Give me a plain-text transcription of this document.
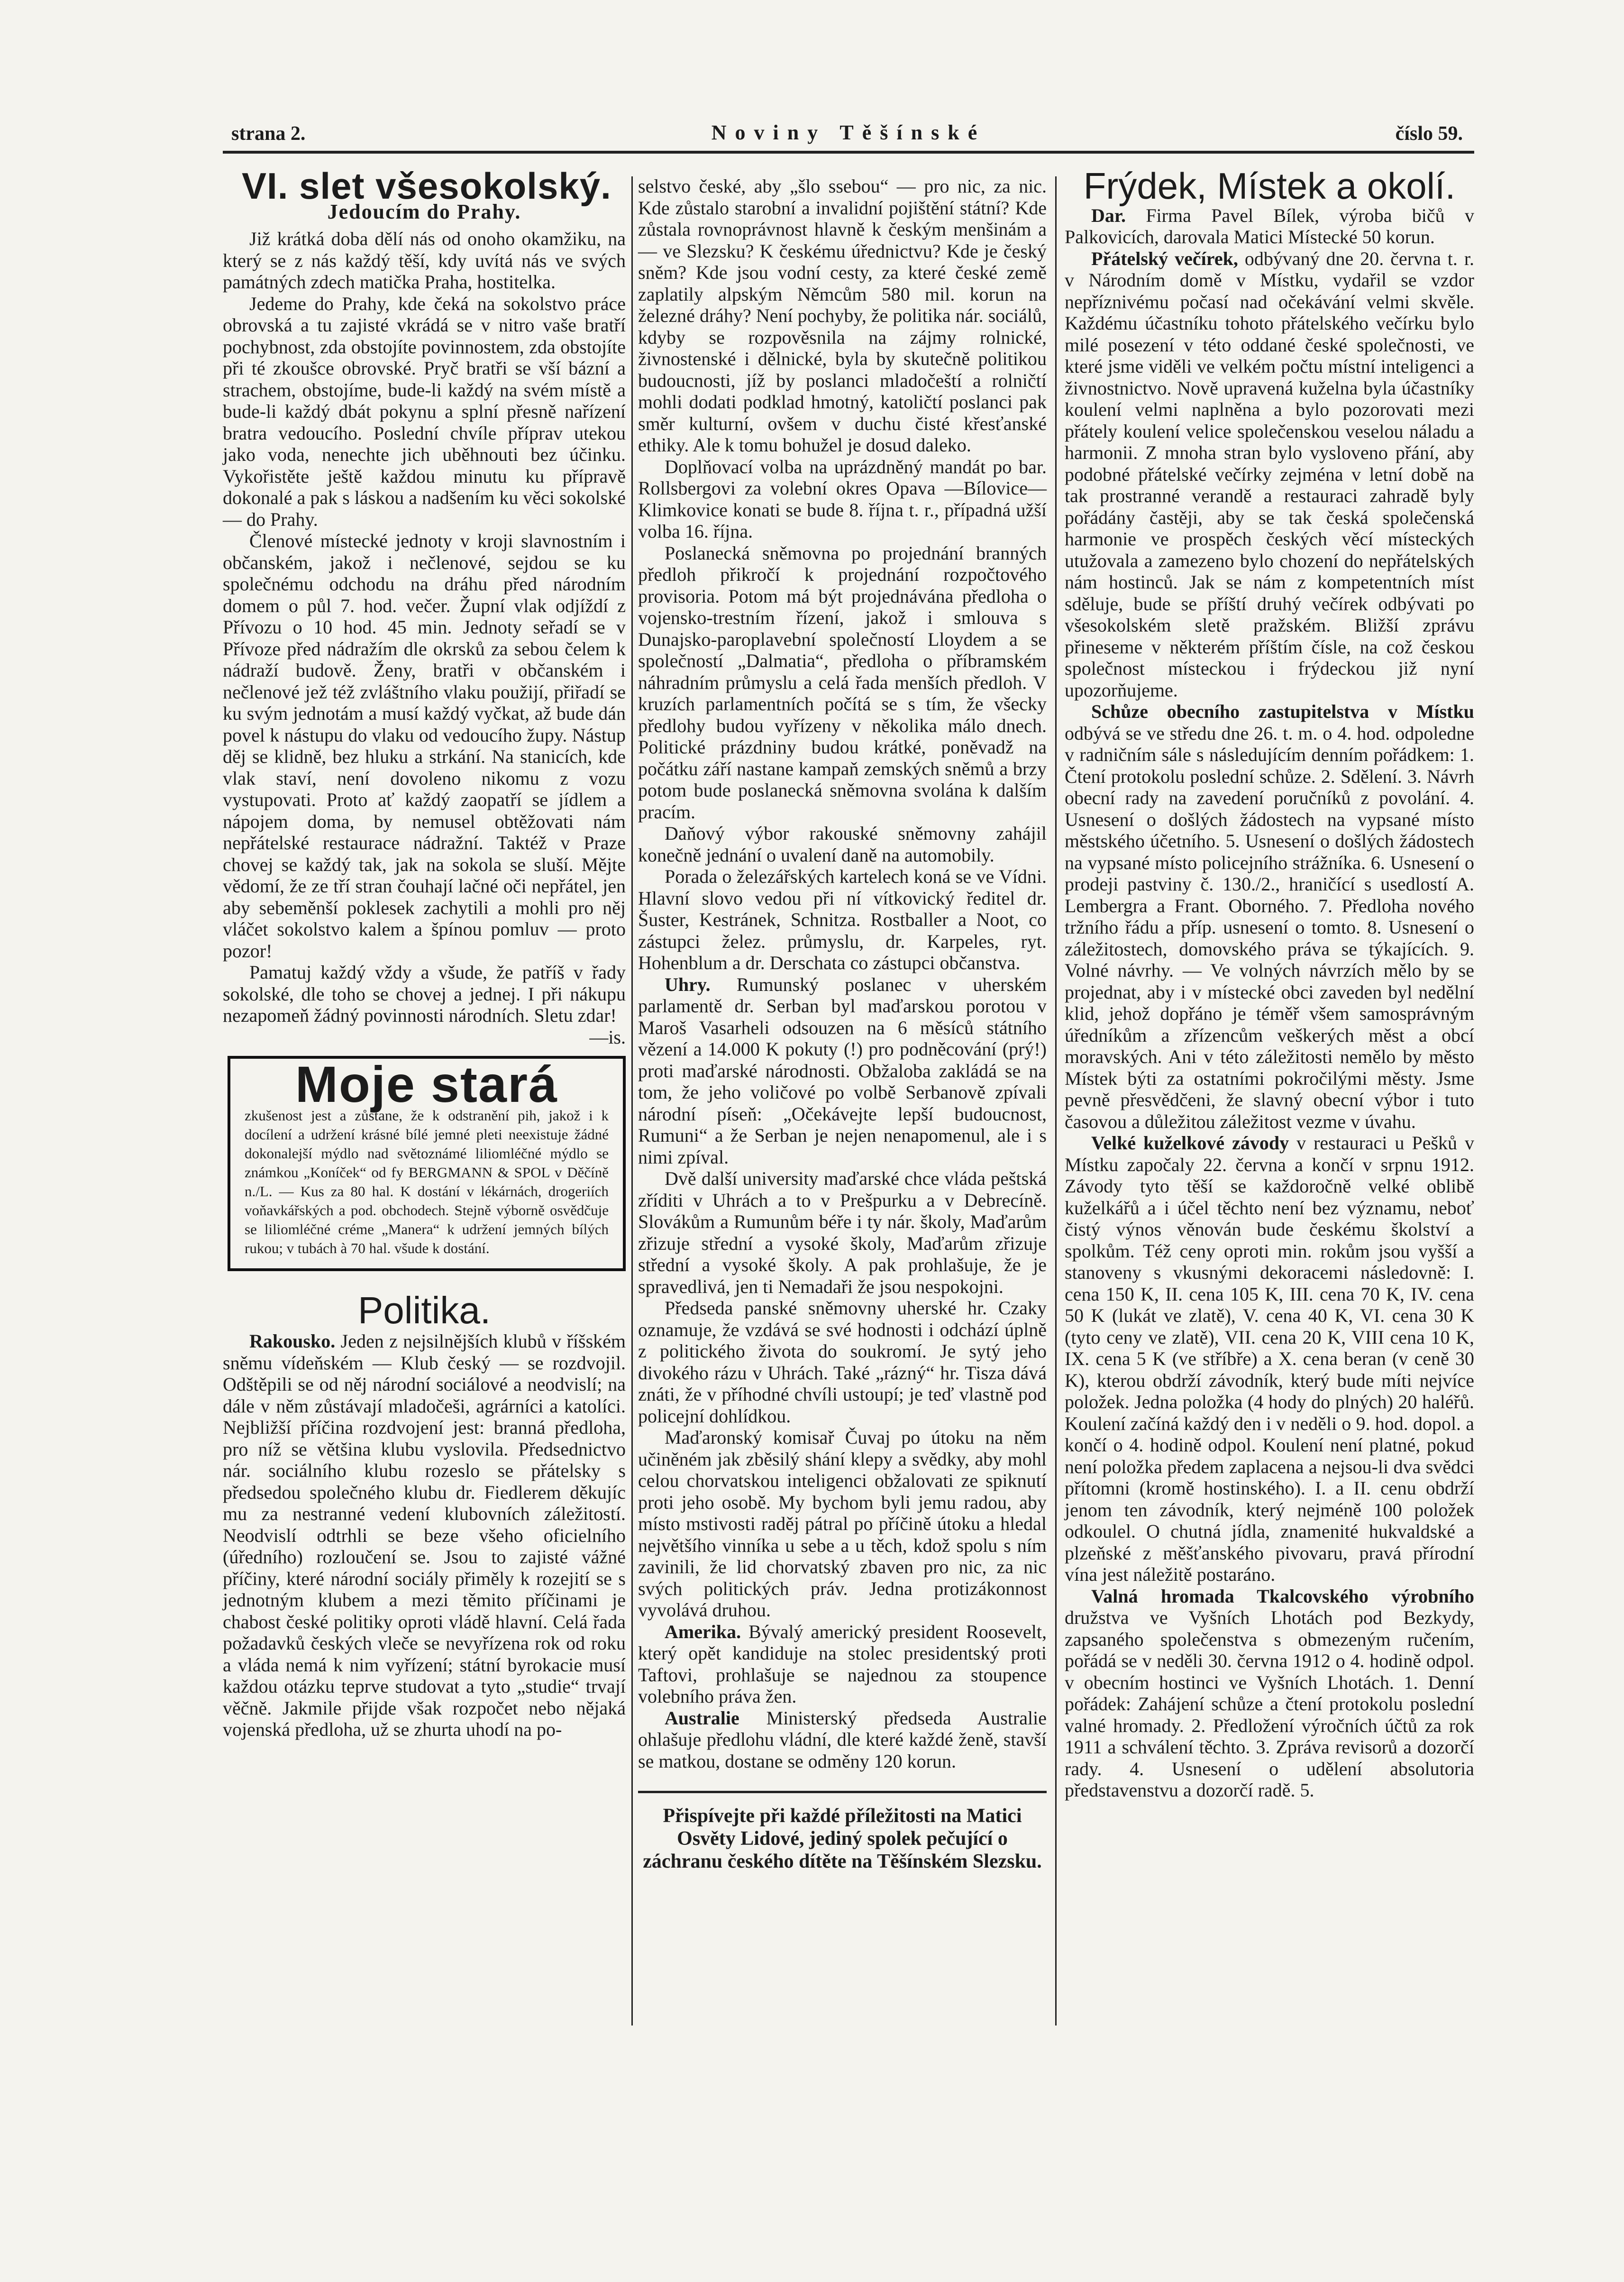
strana 2.	Noviny Těšínské	číslo 59.
VI. slet všesokolský.
Jedoucím do Prahy.

Již krátká doba dělí nás od onoho okamžiku, na který se z nás každý těší, kdy uvítá nás ve svých památných zdech matička Praha, hostitelka.

Jedeme do Prahy, kde čeká na sokolstvo práce obrovská a tu zajisté vkrádá se v nitro vaše bratří pochybnost, zda obstojíte povinnostem, zda obstojíte při té zkoušce obrovské. Pryč bratři se vší bázní a strachem, obstojíme, bude-li každý na svém místě a bude-li každý dbát pokynu a splní přesně nařízení bratra vedoucího. Poslední chvíle příprav utekou jako voda, nenechte jich uběhnouti bez účinku. Vykořistěte ještě každou minutu ku přípravě dokonalé a pak s láskou a nadšením ku věci sokolské — do Prahy.

Členové místecké jednoty v kroji slavnostním i občanském, jakož i nečlenové, sejdou se ku společnému odchodu na dráhu před národním domem o půl 7. hod. večer. Župní vlak odjíždí z Přívozu o 10 hod. 45 min. Jednoty seřadí se v Přívoze před nádražím dle okrsků za sebou čelem k nádraží budově. Ženy, bratři v občanském i nečlenové jež též zvláštního vlaku použijí, přiřadí se ku svým jednotám a musí každý vyčkat, až bude dán povel k nástupu do vlaku od vedoucího župy. Nástup děj se klidně, bez hluku a strkání. Na stanicích, kde vlak staví, není dovoleno nikomu z vozu vystupovati. Proto ať každý zaopatří se jídlem a nápojem doma, by nemusel obtěžovati nám nepřátelské restaurace nádražní. Taktéž v Praze chovej se každý tak, jak na sokola se sluší. Mějte vědomí, že ze tří stran čouhají lačné oči nepřátel, jen aby sebeměnší poklesek zachytili a mohli pro něj vláčet sokolstvo kalem a špínou pomluv — proto pozor!

Pamatuj každý vždy a všude, že patříš v řady sokolské, dle toho se chovej a jednej. I při nákupu nezapomeň žádný povinnosti národních. Sletu zdar!
—is.

Moje stará
zkušenost jest a zůstane, že k odstranění pih, jakož i k docílení a udržení krásné bílé jemné pleti neexistuje žádné dokonalejší mýdlo nad světoznámé liliomléčné mýdlo se známkou „Koníček“ od fy BERGMANN & SPOL v Děčíně n./L. — Kus za 80 hal. K dostání v lékárnách, drogeriích voňavkářských a pod. obchodech. Stejně výborně osvědčuje se liliomléčné créme „Manera“ k udržení jemných bílých rukou; v tubách à 70 hal. všude k dostání.
Politika.

Rakousko. Jeden z nejsilnějších klubů v říšském sněmu vídeňském — Klub český — se rozdvojil. Odštěpili se od něj národní sociálové a neodvislí; na dále v něm zůstávají mladočeši, agrárníci a katolíci. Nejbližší příčina rozdvojení jest: branná předloha, pro níž se většina klubu vyslovila. Předsednictvo nár. sociálního klubu rozeslo se přátelsky s předsedou společného klubu dr. Fiedlerem děkujíc mu za nestranné vedení klubovních záležitostí. Neodvislí odtrhli se beze všeho oficielního (úředního) rozloučení se. Jsou to zajisté vážné příčiny, které národní sociály přiměly k rozejití se s jednotným klubem a mezi těmito příčinami je chabost české politiky oproti vládě hlavní. Celá řada požadavků českých vleče se nevyřízena rok od roku a vláda nemá k nim vyřízení; státní byrokacie musí každou otázku teprve studovat a tyto „studie“ trvají věčně. Jakmile přijde však rozpočet nebo nějaká vojenská předloha, už se zhurta uhodí na po-

selstvo české, aby „šlo ssebou“ — pro nic, za nic. Kde zůstalo starobní a invalidní pojištění státní? Kde zůstala rovnoprávnost hlavně k českým menšinám a — ve Slezsku? K českému úřednictvu? Kde je český sněm? Kde jsou vodní cesty, za které české země zaplatily alpským Němcům 580 mil. korun na železné dráhy? Není pochyby, že politika nár. sociálů, kdyby se rozpověsnila na zájmy rolnické, živnostenské i dělnické, byla by skutečně politikou budoucnosti, jíž by poslanci mladočeští a rolničtí mohli dodati podklad hmotný, katoličtí poslanci pak směr kulturní, ovšem v duchu čisté křesťanské ethiky. Ale k tomu bohužel je dosud daleko.

Doplňovací volba na uprázdněný mandát po bar. Rollsbergovi za volební okres Opava —Bílovice—Klimkovice konati se bude 8. října t. r., případná užší volba 16. října.

Poslanecká sněmovna po projednání branných předloh přikročí k projednání rozpočtového provisoria. Potom má být projednávána předloha o vojensko-trestním řízení, jakož i smlouva s Dunajsko-paroplavební společností Lloydem a se společností „Dalmatia“, předloha o příbramském náhradním průmyslu a celá řada menších předloh. V kruzích parlamentních počítá se s tím, že všecky předlohy budou vyřízeny v několika málo dnech. Politické prázdniny budou krátké, poněvadž na počátku září nastane kampaň zemských sněmů a brzy potom bude poslanecká sněmovna svolána k dalším pracím.

Daňový výbor rakouské sněmovny zahájil konečně jednání o uvalení daně na automobily.

Porada o železářských kartelech koná se ve Vídni. Hlavní slovo vedou při ní vítkovický ředitel dr. Šuster, Kestránek, Schnitza. Rostballer a Noot, co zástupci želez. průmyslu, dr. Karpeles, ryt. Hohenblum a dr. Derschata co zástupci občanstva.

Uhry. Rumunský poslanec v uherském parlamentě dr. Serban byl maďarskou porotou v Maroš Vasarheli odsouzen na 6 měsíců státního vězení a 14.000 K pokuty (!) pro podněcování (prý!) proti maďarské národnosti. Obžaloba zakládá se na tom, že jeho voličové po volbě Serbanově zpívali národní píseň: „Očekávejte lepší budoucnost, Rumuni“ a že Serban je nejen nenapomenul, ale i s nimi zpíval.

Dvě další university maďarské chce vláda peštská zříditi v Uhrách a to v Prešpurku a v Debrecíně. Slovákům a Rumunům béře i ty nár. školy, Maďarům zřizuje střední a vysoké školy, Maďarům zřizuje střední a vysoké školy. A pak prohlašuje, že je spravedlivá, jen ti Nemadaři že jsou nespokojni.

Předseda panské sněmovny uherské hr. Czaky oznamuje, že vzdává se své hodnosti i odchází úplně z politického života do soukromí. Je sytý jeho divokého rázu v Uhrách. Také „rázný“ hr. Tisza dává znáti, že v příhodné chvíli ustoupí; je teď vlastně pod policejní dohlídkou.

Maďaronský komisař Čuvaj po útoku na něm učiněném jak zběsilý shání klepy a svědky, aby mohl celou chorvatskou inteligenci obžalovati ze spiknutí proti jeho osobě. My bychom byli jemu radou, aby místo mstivosti raděj pátral po příčině útoku a hledal největšího vinníka u sebe a u těch, kdož spolu s ním zavinili, že lid chorvatský zbaven pro nic, za nic svých politických práv. Jedna protizákonnost vyvolává druhou.

Amerika. Bývalý americký president Roosevelt, který opět kandiduje na stolec presidentský proti Taftovi, prohlašuje se najednou za stoupence volebního práva žen.

Australie Ministerský předseda Australie ohlašuje předlohu vládní, dle které každé ženě, stavší se matkou, dostane se odměny 120 korun.

Přispívejte při každé příležitosti na Matici Osvěty Lidové, jediný spolek pečující o záchranu českého dítěte na Těšínském Slezsku.
Frýdek, Místek a okolí.

Dar. Firma Pavel Bílek, výroba bičů v Palkovicích, darovala Matici Místecké 50 korun.

Přátelský večírek, odbývaný dne 20. června t. r. v Národním domě v Místku, vydařil se vzdor nepříznivému počasí nad očekávání velmi skvěle. Každému účastníku tohoto přátelského večírku bylo milé posezení v této oddané české společnosti, ve které jsme viděli ve velkém počtu místní inteligenci a živnostnictvo. Nově upravená kuželna byla účastníky koulení velmi naplněna a bylo pozorovati mezi přátely koulení velice společenskou veselou náladu a harmonii. Z mnoha stran bylo vysloveno přání, aby podobné přátelské večírky zejména v letní době na tak prostranné verandě a restauraci zahradě byly pořádány častěji, aby se tak česká společenská harmonie ve prospěch českých věcí místeckých utužovala a zamezeno bylo chození do nepřátelských nám hostinců. Jak se nám z kompetentních míst sděluje, bude se příští druhý večírek odbývati po všesokolském sletě pražském. Bližší zprávu přineseme v některém příštím čísle, na což českou společnost místeckou i frýdeckou již nyní upozorňujeme.

Schůze obecního zastupitelstva v Místku odbývá se ve středu dne 26. t. m. o 4. hod. odpoledne v radničním sále s následujícím denním pořádkem: 1. Čtení protokolu poslední schůze. 2. Sdělení. 3. Návrh obecní rady na zavedení poručníků z povolání. 4. Usnesení o došlých žádostech na vypsané místo městského účetního. 5. Usnesení o došlých žádostech na vypsané místo policejního strážníka. 6. Usnesení o prodeji pastviny č. 130./2., hraničící s usedlostí A. Lembergra a Frant. Oborného. 7. Předloha nového tržního řádu a příp. usnesení o tomto. 8. Usnesení o záležitostech, domovského práva se týkajících. 9. Volné návrhy. — Ve volných návrzích mělo by se projednat, aby i v místecké obci zaveden byl nedělní klid, jehož dopřáno je téměř všem samosprávným úředníkům a zřízencům veškerých měst a obcí moravských. Ani v této záležitosti nemělo by město Místek býti za ostatními pokročilými městy. Jsme pevně přesvědčeni, že slavný obecní výbor i tuto časovou a důležitou záležitost vezme v úvahu.

Velké kuželkové závody v restauraci u Pešků v Místku započaly 22. června a končí v srpnu 1912. Závody tyto těší se každoročně velké oblibě kuželkářů a i účel těchto není bez významu, neboť čistý výnos věnován bude českému školství a spolkům. Též ceny oproti min. rokům jsou vyšší a stanoveny s vkusnými dekoracemi následovně: I. cena 150 K, II. cena 105 K, III. cena 70 K, IV. cena 50 K (lukát ve zlatě), V. cena 40 K, VI. cena 30 K (tyto ceny ve zlatě), VII. cena 20 K, VIII cena 10 K, IX. cena 5 K (ve stříbře) a X. cena beran (v ceně 30 K), kterou obdrží závodník, který bude míti nejvíce položek. Jedna položka (4 hody do plných) 20 haléřů. Koulení začíná každý den i v neděli o 9. hod. dopol. a končí o 4. hodině odpol. Koulení není platné, pokud není položka předem zaplacena a nejsou-li dva svědci přítomni (kromě hostinského). I. a II. cenu obdrží jenom ten závodník, který nejméně 100 položek odkoulel. O chutná jídla, znamenité hukvaldské a plzeňské z měšťanského pivovaru, pravá přírodní vína jest náležitě postaráno.

Valná hromada Tkalcovského výrobního družstva ve Vyšních Lhotách pod Bezkydy, zapsaného společenstva s obmezeným ručením, pořádá se v neděli 30. června 1912 o 4. hodině odpol. v obecním hostinci ve Vyšních Lhotách. 1. Denní pořádek: Zahájení schůze a čtení protokolu poslední valné hromady. 2. Předložení výročních účtů za rok 1911 a schválení těchto. 3. Zpráva revisorů a dozorčí rady. 4. Usnesení o udělení absolutoria představenstvu a dozorčí radě. 5.
